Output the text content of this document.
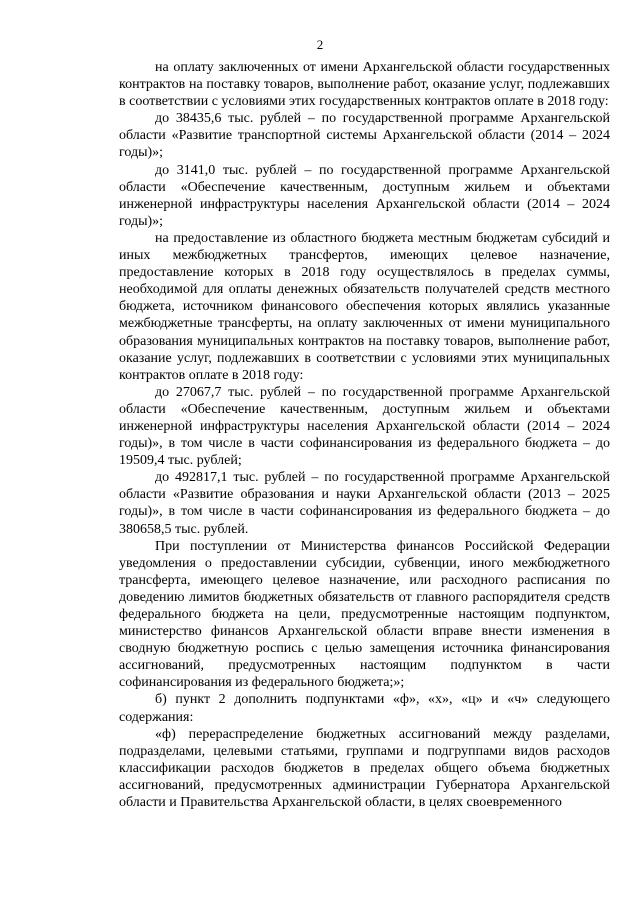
2

на оплату заключенных от имени Архангельской области государственных контрактов на поставку товаров, выполнение работ, оказание услуг, подлежавших в соответствии с условиями этих государственных контрактов оплате в 2018 году:

до 38435,6 тыс. рублей – по государственной программе Архангельской области «Развитие транспортной системы Архангельской области (2014 – 2024 годы)»;

до 3141,0 тыс. рублей – по государственной программе Архангельской области «Обеспечение качественным, доступным жильем и объектами инженерной инфраструктуры населения Архангельской области (2014 – 2024 годы)»;

на предоставление из областного бюджета местным бюджетам субсидий и иных межбюджетных трансфертов, имеющих целевое назначение, предоставление которых в 2018 году осуществлялось в пределах суммы, необходимой для оплаты денежных обязательств получателей средств местного бюджета, источником финансового обеспечения которых являлись указанные межбюджетные трансферты, на оплату заключенных от имени муниципального образования муниципальных контрактов на поставку товаров, выполнение работ, оказание услуг, подлежавших в соответствии с условиями этих муниципальных контрактов оплате в 2018 году:

до 27067,7 тыс. рублей – по государственной программе Архангельской области «Обеспечение качественным, доступным жильем и объектами инженерной инфраструктуры населения Архангельской области (2014 – 2024 годы)», в том числе в части софинансирования из федерального бюджета – до 19509,4 тыс. рублей;

до 492817,1 тыс. рублей – по государственной программе Архангельской области «Развитие образования и науки Архангельской области (2013 – 2025 годы)», в том числе в части софинансирования из федерального бюджета – до 380658,5 тыс. рублей.

При поступлении от Министерства финансов Российской Федерации уведомления о предоставлении субсидии, субвенции, иного межбюджетного трансферта, имеющего целевое назначение, или расходного расписания по доведению лимитов бюджетных обязательств от главного распорядителя средств федерального бюджета на цели, предусмотренные настоящим подпунктом, министерство финансов Архангельской области вправе внести изменения в сводную бюджетную роспись с целью замещения источника финансирования ассигнований, предусмотренных настоящим подпунктом в части софинансирования из федерального бюджета;»;

б) пункт 2 дополнить подпунктами «ф», «х», «ц» и «ч» следующего содержания:

«ф) перераспределение бюджетных ассигнований между разделами, подразделами, целевыми статьями, группами и подгруппами видов расходов классификации расходов бюджетов в пределах общего объема бюджетных ассигнований, предусмотренных администрации Губернатора Архангельской области и Правительства Архангельской области, в целях своевременного
